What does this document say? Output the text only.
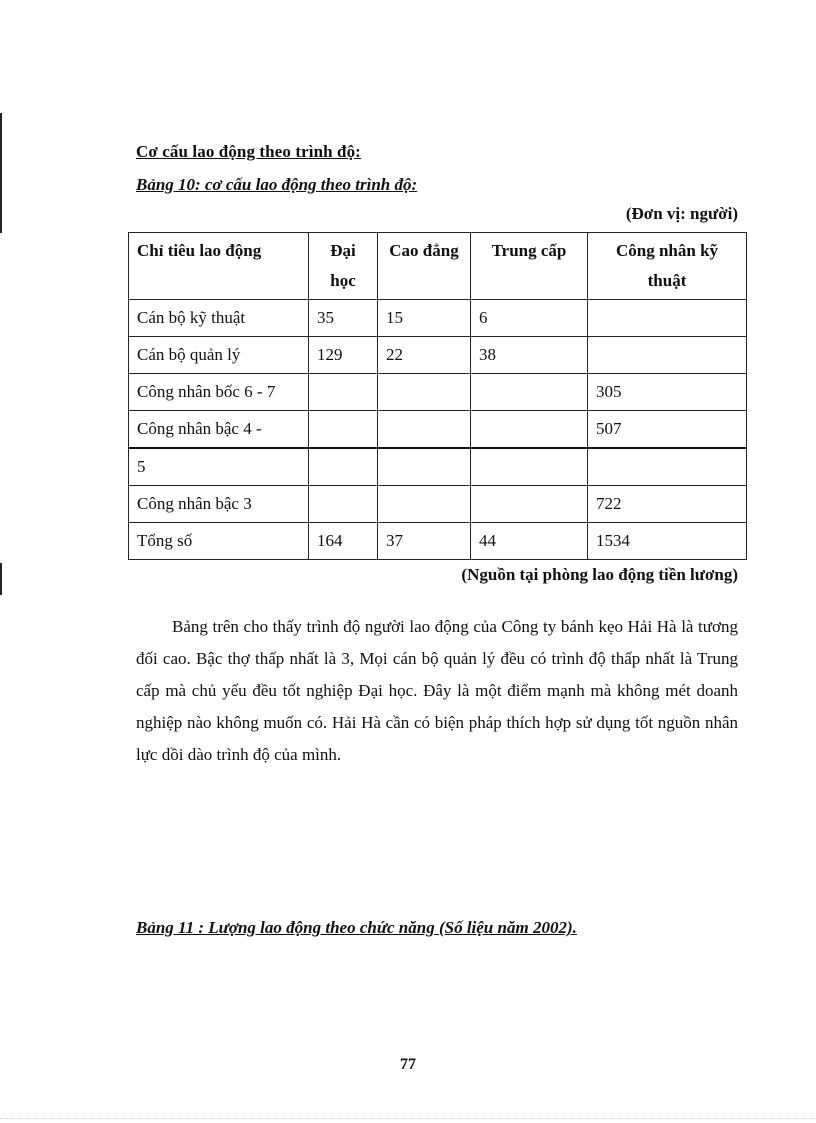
Cơ cấu lao động theo trình độ:
Bảng 10: cơ cấu lao động theo trình độ:
(Đơn vị: người)
Chỉ tiêu lao động	Đại học	Cao đẳng	Trung cấp	Công nhân kỹ thuật
Cán bộ kỹ thuật	35	15	6	
Cán bộ quản lý	129	22	38	
Công nhân bốc 6 - 7				305
Công nhân bậc 4 -				507
5				
Công nhân bậc 3				722
Tổng số	164	37	44	1534
(Nguồn tại phòng lao động tiền lương)

Bảng trên cho thấy trình độ người lao động của Công ty bánh kẹo Hải Hà là tương đối cao. Bậc thợ thấp nhất là 3, Mọi cán bộ quản lý đều có trình độ thấp nhất là Trung cấp mà chủ yếu đều tốt nghiệp Đại học. Đây là một điểm mạnh mà không mét doanh nghiệp nào không muốn có. Hải Hà cần có biện pháp thích hợp sử dụng tốt nguồn nhân lực dồi dào trình độ của mình.

Bảng 11 : Lượng lao động theo chức năng (Số liệu năm 2002).
77
